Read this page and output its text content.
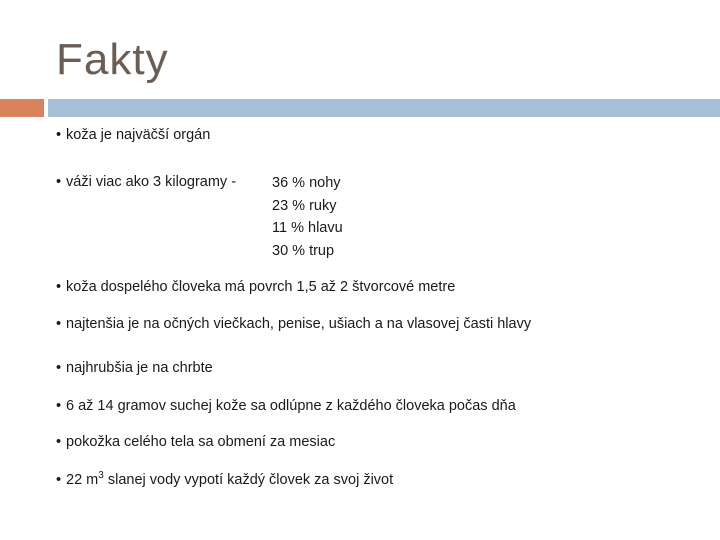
Fakty
• koža je najväčší orgán
• váži viac ako 3 kilogramy - 36 % nohy
23 % ruky
11 % hlavu
30 % trup
• koža dospelého človeka má povrch 1,5 až 2 štvorcové metre
• najtenšia je na očných viečkach, penise, ušiach a na vlasovej časti hlavy
• najhrubšia je na chrbte
• 6 až 14 gramov suchej kože sa odlúpne z každého človeka počas dňa
• pokožka celého tela sa obmení za mesiac
• 22 $m^3$ slanej vody vypotí každý človek za svoj život
